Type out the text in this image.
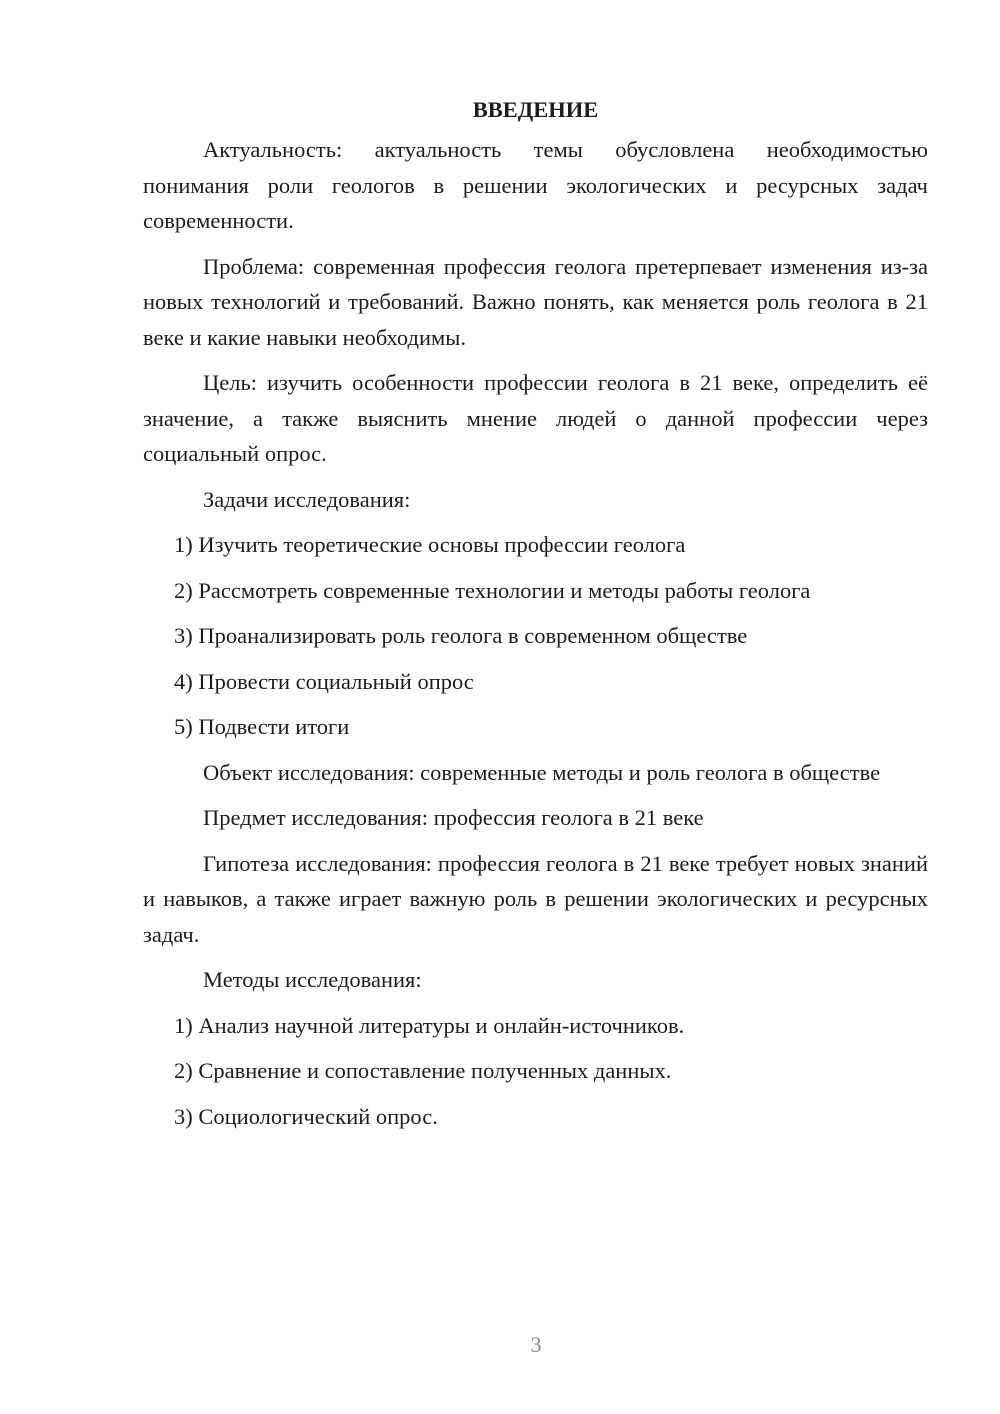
ВВЕДЕНИЕ

Актуальность: актуальность темы обусловлена необходимостью понимания роли геологов в решении экологических и ресурсных задач современности.

Проблема: современная профессия геолога претерпевает изменения из-за новых технологий и требований. Важно понять, как меняется роль геолога в 21 веке и какие навыки необходимы.

Цель: изучить особенности профессии геолога в 21 веке, определить её значение, а также выяснить мнение людей о данной профессии через социальный опрос.

Задачи исследования:

1) Изучить теоретические основы профессии геолога
2) Рассмотреть современные технологии и методы работы геолога
3) Проанализировать роль геолога в современном обществе
4) Провести социальный опрос
5) Подвести итоги

Объект исследования: современные методы и роль геолога в обществе

Предмет исследования: профессия геолога в 21 веке

Гипотеза исследования: профессия геолога в 21 веке требует новых знаний и навыков, а также играет важную роль в решении экологических и ресурсных задач.

Методы исследования:

1) Анализ научной литературы и онлайн-источников.
2) Сравнение и сопоставление полученных данных.
3) Социологический опрос.
3
